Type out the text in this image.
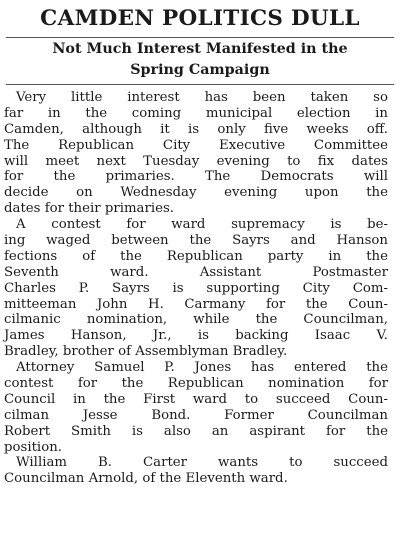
CAMDEN POLITICS DULL
Not Much Interest Manifested in the
Spring Campaign
Very little interest has been taken so
far in the coming municipal election in
Camden, although it is only five weeks off.
The Republican City Executive Committee
will meet next Tuesday evening to fix dates
for the primaries. The Democrats will
decide on Wednesday evening upon the
dates for their primaries.
A contest for ward supremacy is be-
ing waged between the Sayrs and Hanson
fections of the Republican party in the
Seventh ward. Assistant Postmaster
Charles P. Sayrs is supporting City Com-
mitteeman John H. Carmany for the Coun-
cilmanic nomination, while the Councilman,
James Hanson, Jr., is backing Isaac V.
Bradley, brother of Assemblyman Bradley.
Attorney Samuel P. Jones has entered the
contest for the Republican nomination for
Council in the First ward to succeed Coun-
cilman Jesse Bond. Former Councilman
Robert Smith is also an aspirant for the
position.
William B. Carter wants to succeed
Councilman Arnold, of the Eleventh ward.
